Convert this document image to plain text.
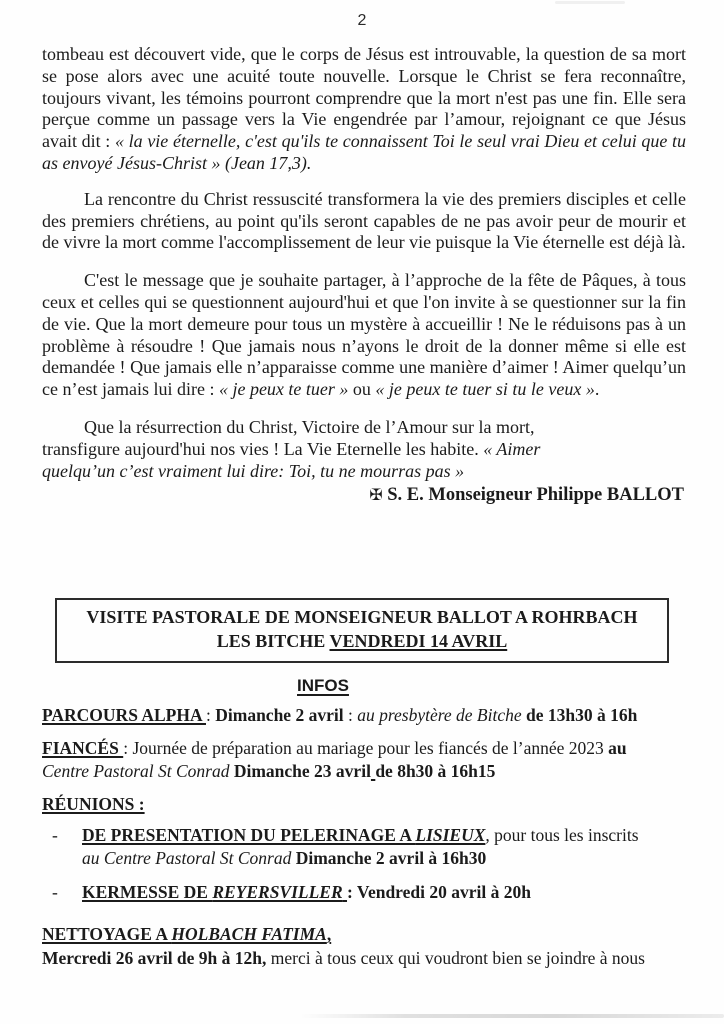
2

tombeau est découvert vide, que le corps de Jésus est introuvable, la question de sa mort se pose alors avec une acuité toute nouvelle. Lorsque le Christ se fera reconnaître, toujours vivant, les témoins pourront comprendre que la mort n'est pas une fin. Elle sera perçue comme un passage vers la Vie engendrée par l’amour, rejoignant ce que Jésus avait dit : « la vie éternelle, c'est qu'ils te connaissent Toi le seul vrai Dieu et celui que tu as envoyé Jésus-Christ » (Jean 17,3).

La rencontre du Christ ressuscité transformera la vie des premiers disciples et celle des premiers chrétiens, au point qu'ils seront capables de ne pas avoir peur de mourir et de vivre la mort comme l'accomplissement de leur vie puisque la Vie éternelle est déjà là.

C'est le message que je souhaite partager, à l’approche de la fête de Pâques, à tous ceux et celles qui se questionnent aujourd'hui et que l'on invite à se questionner sur la fin de vie. Que la mort demeure pour tous un mystère à accueillir ! Ne le réduisons pas à un problème à résoudre ! Que jamais nous n’ayons le droit de la donner même si elle est demandée ! Que jamais elle n’apparaisse comme une manière d’aimer ! Aimer quelqu’un ce n’est jamais lui dire : « je peux te tuer » ou « je peux te tuer si tu le veux ».

Que la résurrection du Christ, Victoire de l’Amour sur la mort,
transfigure aujourd'hui nos vies ! La Vie Eternelle les habite. « Aimer
quelqu’un c’est vraiment lui dire: Toi, tu ne mourras pas »

✠ S. E. Monseigneur Philippe BALLOT
VISITE PASTORALE DE MONSEIGNEUR BALLOT A ROHRBACH
LES BITCHE VENDREDI 14 AVRIL
INFOS

PARCOURS ALPHA : Dimanche 2 avril : au presbytère de Bitche de 13h30 à 16h

FIANCÉS : Journée de préparation au mariage pour les fiancés de l’année 2023 au
Centre Pastoral St Conrad Dimanche 23 avril de 8h30 à 16h15

RÉUNIONS :

-	DE PRESENTATION DU PELERINAGE A LISIEUX, pour tous les inscrits
au Centre Pastoral St Conrad Dimanche 2 avril à 16h30
-	KERMESSE DE REYERSVILLER : Vendredi 20 avril à 20h

NETTOYAGE A HOLBACH FATIMA,

Mercredi 26 avril de 9h à 12h, merci à tous ceux qui voudront bien se joindre à nous
